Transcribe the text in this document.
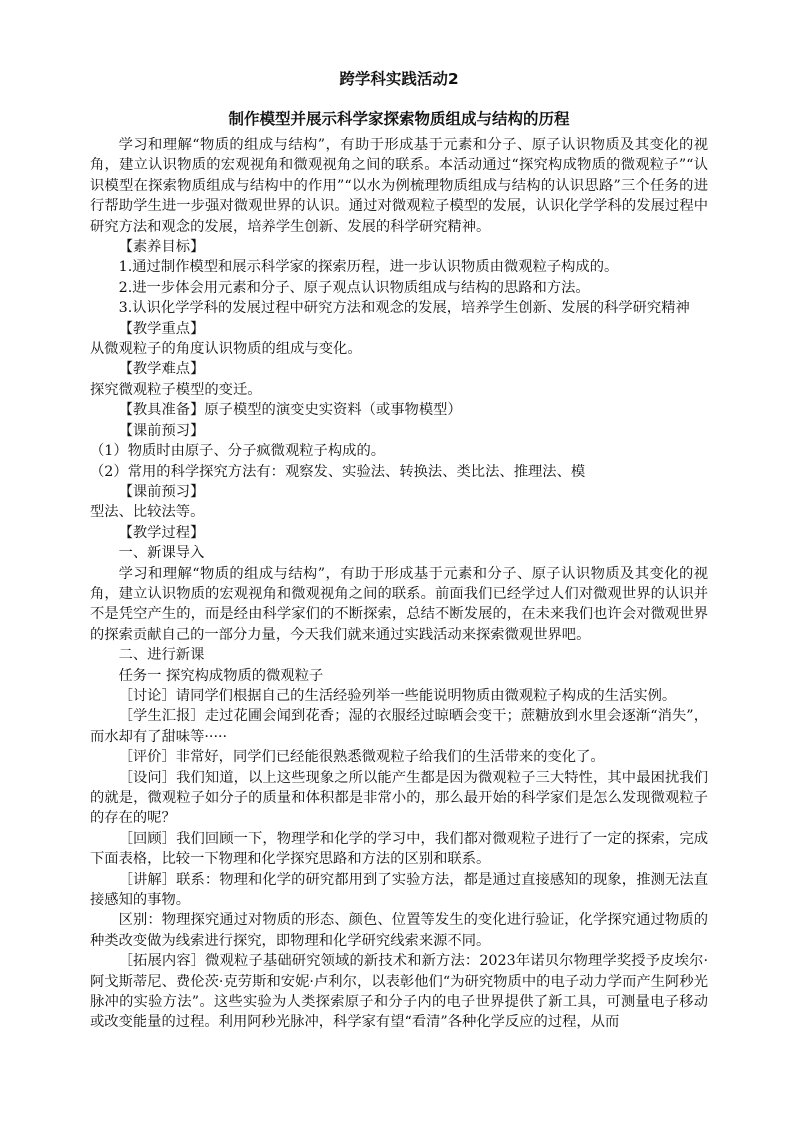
跨学科实践活动2
制作模型并展示科学家探索物质组成与结构的历程

学习和理解“物质的组成与结构”，有助于形成基于元素和分子、原子认识物质及其变化的视角，建立认识物质的宏观视角和微观视角之间的联系。本活动通过“探究构成物质的微观粒子”“认识模型在探索物质组成与结构中的作用”“以水为例梳理物质组成与结构的认识思路”三个任务的进行帮助学生进一步强对微观世界的认识。通过对微观粒子模型的发展，认识化学学科的发展过程中研究方法和观念的发展，培养学生创新、发展的科学研究精神。

【素养目标】

1.通过制作模型和展示科学家的探索历程，进一步认识物质由微观粒子构成的。

2.进一步体会用元素和分子、原子观点认识物质组成与结构的思路和方法。

3.认识化学学科的发展过程中研究方法和观念的发展，培养学生创新、发展的科学研究精神

【教学重点】

从微观粒子的角度认识物质的组成与变化。

【教学难点】

探究微观粒子模型的变迁。

【教具准备】原子模型的演变史实资料（或事物模型）

【课前预习】

（1）物质时由原子、分子疯微观粒子构成的。

（2）常用的科学探究方法有：观察发、实验法、转换法、类比法、推理法、模

【课前预习】

型法、比较法等。

【教学过程】

一、新课导入

学习和理解“物质的组成与结构”，有助于形成基于元素和分子、原子认识物质及其变化的视角，建立认识物质的宏观视角和微观视角之间的联系。前面我们已经学过人们对微观世界的认识并不是凭空产生的，而是经由科学家们的不断探索，总结不断发展的，在未来我们也许会对微观世界的探索贡献自己的一部分力量，今天我们就来通过实践活动来探索微观世界吧。

二、进行新课

任务一 探究构成物质的微观粒子

［讨论］请同学们根据自己的生活经验列举一些能说明物质由微观粒子构成的生活实例。

［学生汇报］走过花圃会闻到花香；湿的衣服经过晾晒会变干；蔗糖放到水里会逐渐“消失”，而水却有了甜味等·····

［评价］非常好，同学们已经能很熟悉微观粒子给我们的生活带来的变化了。

［设问］我们知道，以上这些现象之所以能产生都是因为微观粒子三大特性，其中最困扰我们的就是，微观粒子如分子的质量和体积都是非常小的，那么最开始的科学家们是怎么发现微观粒子的存在的呢？

［回顾］我们回顾一下，物理学和化学的学习中，我们都对微观粒子进行了一定的探索，完成下面表格，比较一下物理和化学探究思路和方法的区别和联系。

［讲解］联系：物理和化学的研究都用到了实验方法，都是通过直接感知的现象，推测无法直接感知的事物。

区别：物理探究通过对物质的形态、颜色、位置等发生的变化进行验证，化学探究通过物质的种类改变做为线索进行探究，即物理和化学研究线索来源不同。

［拓展内容］微观粒子基础研究领域的新技术和新方法：2023年诺贝尔物理学奖授予皮埃尔·阿戈斯蒂尼、费伦茨·克劳斯和安妮·卢利尔，以表彰他们“为研究物质中的电子动力学而产生阿秒光脉冲的实验方法”。这些实验为人类探索原子和分子内的电子世界提供了新工具，可测量电子移动或改变能量的过程。利用阿秒光脉冲，科学家有望“看清”各种化学反应的过程，从而
